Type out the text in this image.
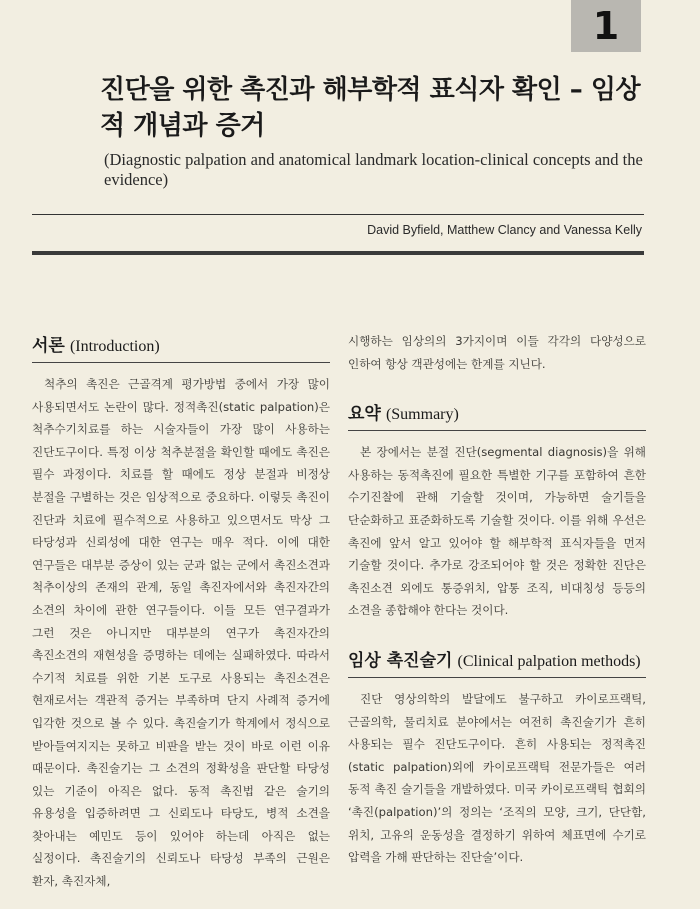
1
진단을 위한 촉진과 해부학적 표식자 확인 – 임상적 개념과 증거

(Diagnostic palpation and anatomical landmark location-clinical concepts and the evidence)

David Byfield, Matthew Clancy and Vanessa Kelly
서론 (Introduction)

척추의 촉진은 근골격계 평가방법 중에서 가장 많이 사용되면서도 논란이 많다. 정적촉진(static palpation)은 척추수기치료를 하는 시술자들이 가장 많이 사용하는 진단도구이다. 특정 이상 척추분절을 확인할 때에도 촉진은 필수 과정이다. 치료를 할 때에도 정상 분절과 비정상 분절을 구별하는 것은 임상적으로 중요하다. 이렇듯 촉진이 진단과 치료에 필수적으로 사용하고 있으면서도 막상 그 타당성과 신뢰성에 대한 연구는 매우 적다. 이에 대한 연구들은 대부분 증상이 있는 군과 없는 군에서 촉진소견과 척추이상의 존재의 관계, 동일 촉진자에서와 촉진자간의 소견의 차이에 관한 연구들이다. 이들 모든 연구결과가 그런 것은 아니지만 대부분의 연구가 촉진자간의 촉진소견의 재현성을 증명하는 데에는 실패하였다. 따라서 수기적 치료를 위한 기본 도구로 사용되는 촉진소견은 현재로서는 객관적 증거는 부족하며 단지 사례적 증거에 입각한 것으로 볼 수 있다. 촉진술기가 학계에서 정식으로 받아들여지지는 못하고 비판을 받는 것이 바로 이런 이유 때문이다. 촉진술기는 그 소견의 정확성을 판단할 타당성 있는 기준이 아직은 없다. 동적 촉진법 같은 술기의 유용성을 입증하려면 그 신뢰도나 타당도, 병적 소견을 찾아내는 예민도 등이 있어야 하는데 아직은 없는 실정이다. 촉진술기의 신뢰도나 타당성 부족의 근원은 환자, 촉진자체,

시행하는 임상의의 3가지이며 이들 각각의 다양성으로 인하여 항상 객관성에는 한계를 지닌다.

요약 (Summary)

본 장에서는 분절 진단(segmental diagnosis)을 위해 사용하는 동적촉진에 필요한 특별한 기구를 포함하여 흔한 수기진찰에 관해 기술할 것이며, 가능하면 술기들을 단순화하고 표준화하도록 기술할 것이다. 이를 위해 우선은 촉진에 앞서 알고 있어야 할 해부학적 표식자들을 먼저 기술할 것이다. 추가로 강조되어야 할 것은 정확한 진단은 촉진소견 외에도 통증위치, 압통 조직, 비대칭성 등등의 소견을 종합해야 한다는 것이다.

임상 촉진술기 (Clinical palpation methods)

진단 영상의학의 발달에도 불구하고 카이로프랙틱, 근골의학, 물리치료 분야에서는 여전히 촉진술기가 흔히 사용되는 필수 진단도구이다. 흔히 사용되는 정적촉진(static palpation)외에 카이로프랙틱 전문가들은 여러 동적 촉진 술기들을 개발하였다. 미국 카이로프랙틱 협회의 ‘촉진(palpation)’의 정의는 ‘조직의 모양, 크기, 단단함, 위치, 고유의 운동성을 결정하기 위하여 체표면에 수기로 압력을 가해 판단하는 진단술’이다.
